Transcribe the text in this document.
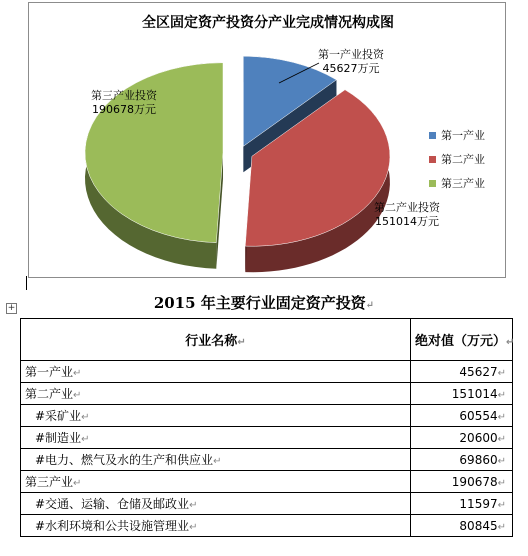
全区固定资产投资分产业完成情况构成图
第一产业投资
45627万元
第二产业投资
151014万元
第三产业投资
190678万元
第一产业
第二产业
第三产业
+	2015 年主要行业固定资产投资↵
行业名称↵	绝对值（万元）↵
第一产业↵	45627↵
第二产业↵	151014↵
#采矿业↵	60554↵
#制造业↵	20600↵
#电力、燃气及水的生产和供应业↵	69860↵
第三产业↵	190678↵
#交通、运输、仓储及邮政业↵	11597↵
#水利环境和公共设施管理业↵	80845↵
